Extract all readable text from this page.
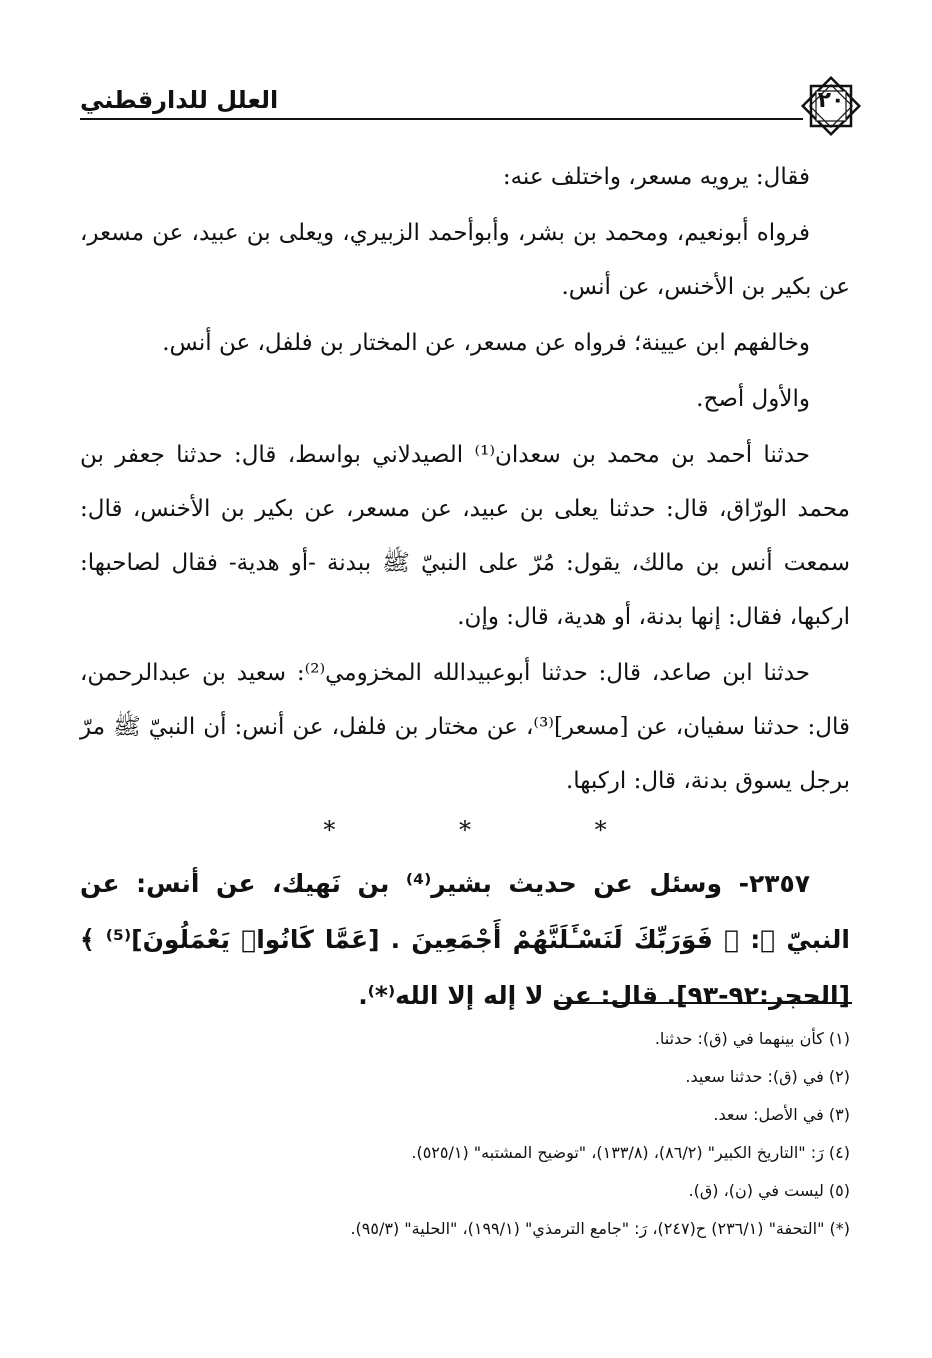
العلل للدارقطني	٢٠

فقال: يرويه مسعر، واختلف عنه:

فرواه أبونعيم، ومحمد بن بشر، وأبوأحمد الزبيري، ويعلى بن عبيد، عن مسعر، عن بكير بن الأخنس، عن أنس.

وخالفهم ابن عيينة؛ فرواه عن مسعر، عن المختار بن فلفل، عن أنس.

والأول أصح.

حدثنا أحمد بن محمد بن سعدان⁽¹⁾ الصيدلاني بواسط، قال: حدثنا جعفر بن محمد الورّاق، قال: حدثنا يعلى بن عبيد، عن مسعر، عن بكير بن الأخنس، قال: سمعت أنس بن مالك، يقول: مُرّ على النبيّ ﷺ ببدنة -أو هدية- فقال لصاحبها: اركبها، فقال: إنها بدنة، أو هدية، قال: وإن.

حدثنا ابن صاعد، قال: حدثنا أبوعبيدالله المخزومي⁽²⁾: سعيد بن عبدالرحمن، قال: حدثنا سفيان، عن [مسعر]⁽³⁾، عن مختار بن فلفل، عن أنس: أن النبيّ ﷺ مرّ برجل يسوق بدنة، قال: اركبها.

* * *

٢٣٥٧- وسئل عن حديث بشير⁽⁴⁾ بن نَهيك، عن أنس: عن النبيّ ﷺ: ﴿ فَوَرَبِّكَ لَنَسْـَٔلَنَّهُمْ أَجْمَعِينَ . [عَمَّا كَانُوا۟ يَعْمَلُونَ]⁽⁵⁾ ﴾ [الحجر:٩٢-٩٣]. قال: عن لا إله إلا الله⁽*⁾.

(١) كأن بينهما في (ق): حدثنا.
(٢) في (ق): حدثنا سعيد.
(٣) في الأصل: سعد.
(٤) رَ: "التاريخ الكبير" (٨٦/٢)، (١٣٣/٨)، "توضيح المشتبه" (٥٢٥/١).
(٥) ليست في (ن)، (ق).
(*) "التحفة" (٢٣٦/١) ح(٢٤٧)، رَ: "جامع الترمذي" (١٩٩/١)، "الحلية" (٩٥/٣).
